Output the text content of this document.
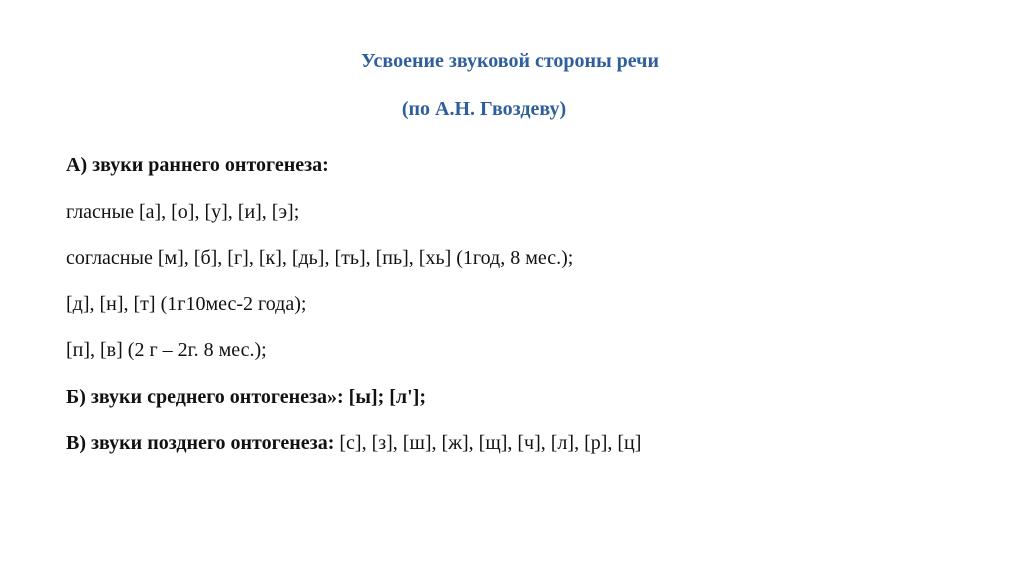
Усвоение звуковой стороны речи
(по А.Н. Гвоздеву)
А) звуки раннего онтогенеза:
гласные [а], [о], [у], [и], [э];
согласные [м], [б], [г], [к], [дь], [ть], [пь], [хь] (1год, 8 мес.);
[д], [н], [т] (1г10мес-2 года);
[п], [в] (2 г – 2г. 8 мес.);
Б) звуки среднего онтогенеза»: [ы]; [л'];
В) звуки позднего онтогенеза: [с], [з], [ш], [ж], [щ], [ч], [л], [р], [ц]
